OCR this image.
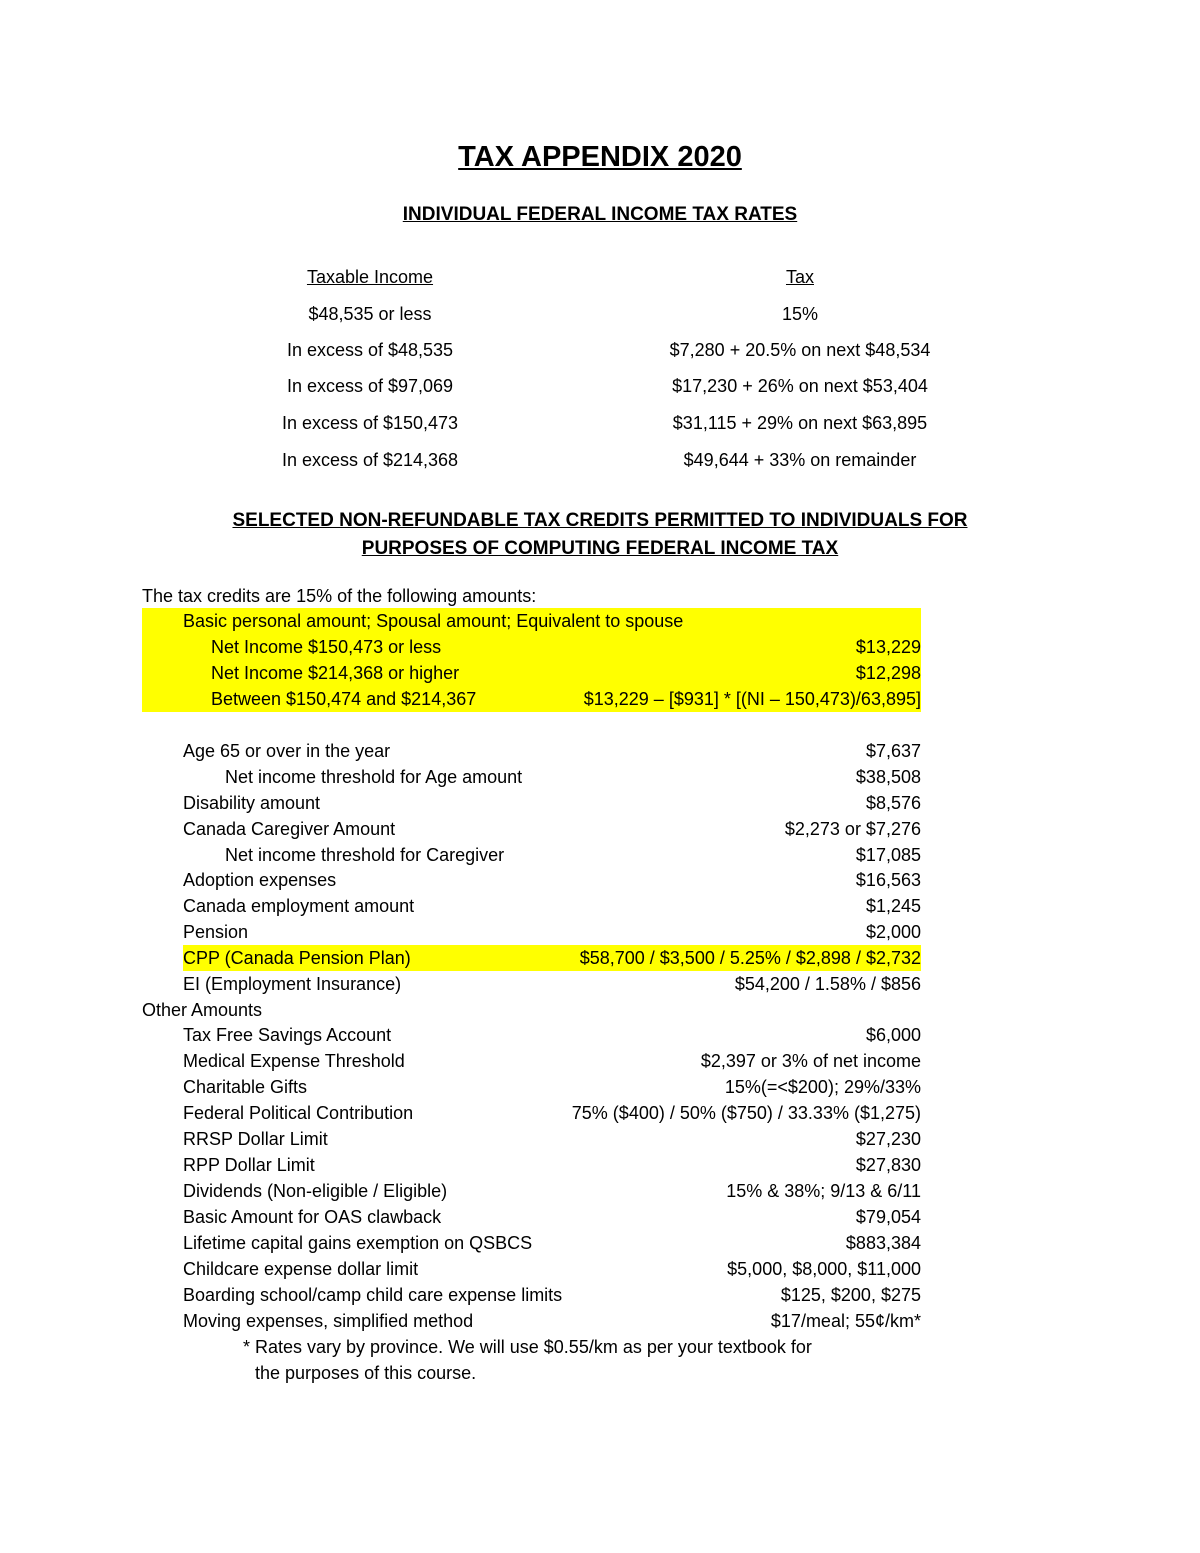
TAX APPENDIX 2020
INDIVIDUAL FEDERAL INCOME TAX RATES
Taxable Income	Tax
$48,535 or less	15%
In excess of $48,535	$7,280 + 20.5% on next $48,534
In excess of $97,069	$17,230 + 26% on next $53,404
In excess of $150,473	$31,115 + 29% on next $63,895
In excess of $214,368	$49,644 + 33% on remainder
SELECTED NON-REFUNDABLE TAX CREDITS PERMITTED TO INDIVIDUALS FOR
PURPOSES OF COMPUTING FEDERAL INCOME TAX
The tax credits are 15% of the following amounts:
Basic personal amount; Spousal amount; Equivalent to spouse
Net Income $150,473 or less	$13,229
Net Income $214,368 or higher	$12,298
Between $150,474 and $214,367	$13,229 – [$931] * [(NI – 150,473)/63,895]
Age 65 or over in the year	$7,637
Net income threshold for Age amount	$38,508
Disability amount	$8,576
Canada Caregiver Amount	$2,273 or $7,276
Net income threshold for Caregiver	$17,085
Adoption expenses	$16,563
Canada employment amount	$1,245
Pension	$2,000
CPP (Canada Pension Plan)	$58,700 / $3,500 / 5.25% / $2,898 / $2,732
EI (Employment Insurance)	$54,200 / 1.58% / $856
Other Amounts
Tax Free Savings Account	$6,000
Medical Expense Threshold	$2,397 or 3% of net income
Charitable Gifts	15%(=<$200); 29%/33%
Federal Political Contribution	75% ($400) / 50% ($750) / 33.33% ($1,275)
RRSP Dollar Limit	$27,230
RPP Dollar Limit	$27,830
Dividends (Non-eligible / Eligible)	15% & 38%; 9/13 & 6/11
Basic Amount for OAS clawback	$79,054
Lifetime capital gains exemption on QSBCS	$883,384
Childcare expense dollar limit	$5,000, $8,000, $11,000
Boarding school/camp child care expense limits	$125, $200, $275
Moving expenses, simplified method	$17/meal; 55¢/km*
* Rates vary by province. We will use $0.55/km as per your textbook for
the purposes of this course.
